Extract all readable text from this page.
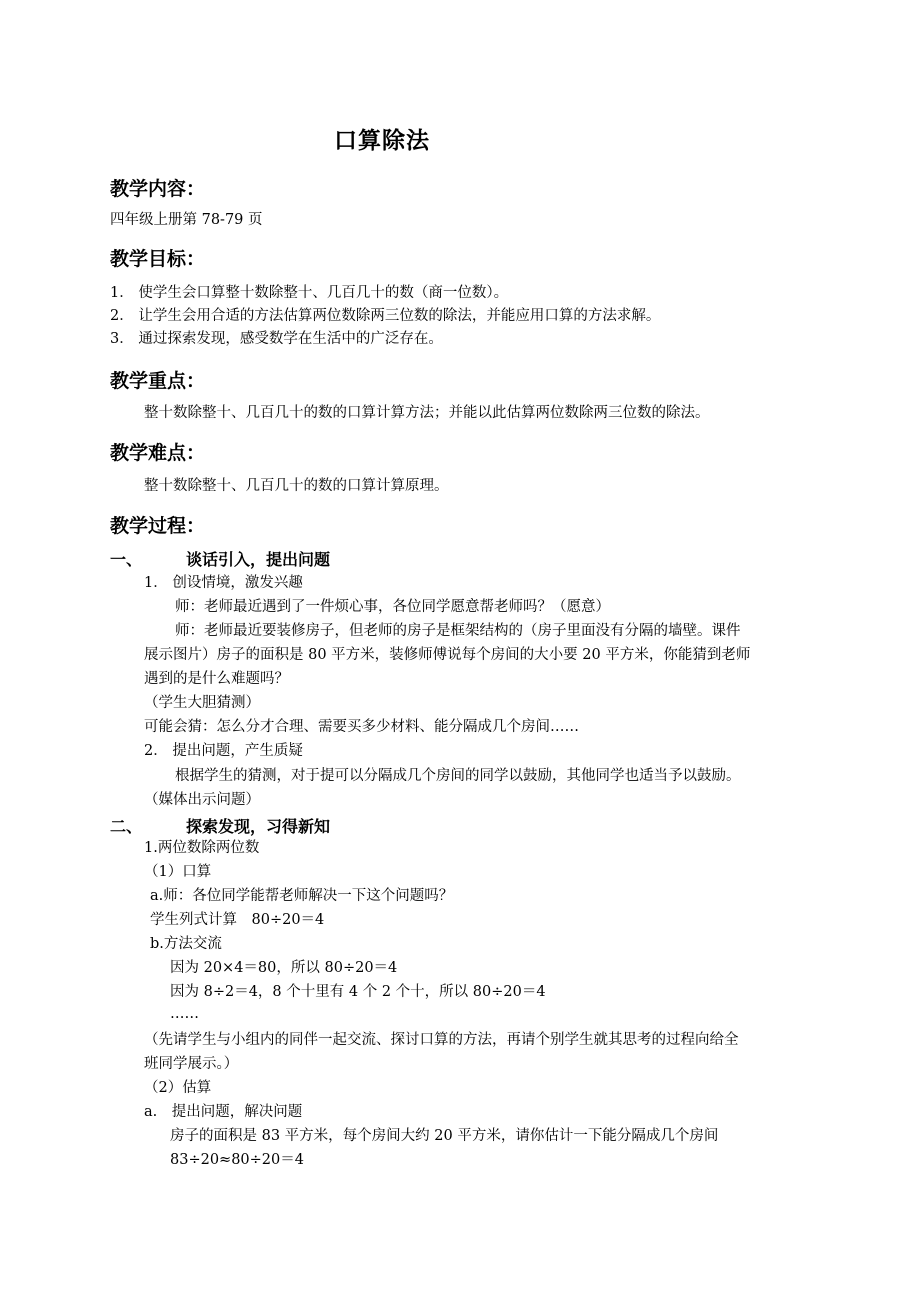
口算除法
教学内容：
四年级上册第 78-79 页
教学目标：
1． 使学生会口算整十数除整十、几百几十的数（商一位数）。
2． 让学生会用合适的方法估算两位数除两三位数的除法，并能应用口算的方法求解。
3． 通过探索发现，感受数学在生活中的广泛存在。
教学重点：
整十数除整十、几百几十的数的口算计算方法；并能以此估算两位数除两三位数的除法。
教学难点：
整十数除整十、几百几十的数的口算计算原理。
教学过程：
一、	谈话引入，提出问题
1． 创设情境，激发兴趣
师：老师最近遇到了一件烦心事，各位同学愿意帮老师吗？（愿意）
师：老师最近要装修房子，但老师的房子是框架结构的（房子里面没有分隔的墙壁。课件
展示图片）房子的面积是 80 平方米，装修师傅说每个房间的大小要 20 平方米，你能猜到老师
遇到的是什么难题吗？
（学生大胆猜测）
可能会猜：怎么分才合理、需要买多少材料、能分隔成几个房间……
2． 提出问题，产生质疑
根据学生的猜测，对于提可以分隔成几个房间的同学以鼓励，其他同学也适当予以鼓励。
（媒体出示问题）
二、	探索发现，习得新知
1.两位数除两位数
（1）口算
a.师：各位同学能帮老师解决一下这个问题吗？
学生列式计算　80÷20＝4
b.方法交流
因为 20×4＝80，所以 80÷20＝4
因为 8÷2＝4，8 个十里有 4 个 2 个十，所以 80÷20＝4
……
（先请学生与小组内的同伴一起交流、探讨口算的方法，再请个别学生就其思考的过程向给全
班同学展示。）
（2）估算
a.　提出问题，解决问题
房子的面积是 83 平方米，每个房间大约 20 平方米，请你估计一下能分隔成几个房间
83÷20≈80÷20＝4
